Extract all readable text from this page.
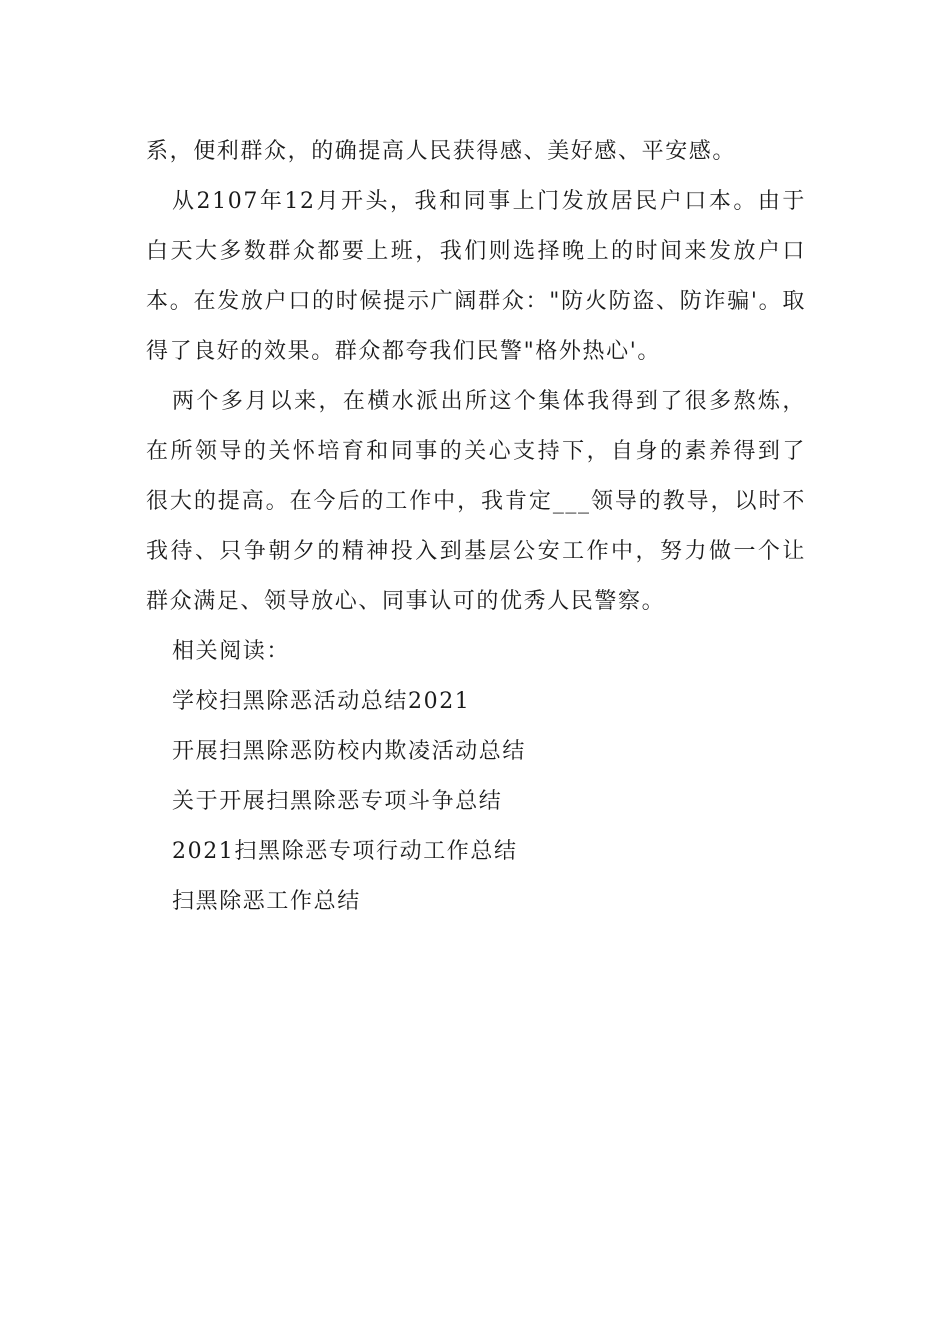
系，便利群众，的确提高人民获得感、美好感、平安感。

从2107年12月开头，我和同事上门发放居民户口本。由于白天大多数群众都要上班，我们则选择晚上的时间来发放户口本。在发放户口的时候提示广阔群众："防火防盗、防诈骗'。取得了良好的效果。群众都夸我们民警"格外热心'。

两个多月以来，在横水派出所这个集体我得到了很多熬炼，在所领导的关怀培育和同事的关心支持下，自身的素养得到了很大的提高。在今后的工作中，我肯定___领导的教导，以时不我待、只争朝夕的精神投入到基层公安工作中，努力做一个让群众满足、领导放心、同事认可的优秀人民警察。

相关阅读：

学校扫黑除恶活动总结2021
开展扫黑除恶防校内欺凌活动总结
关于开展扫黑除恶专项斗争总结
2021扫黑除恶专项行动工作总结
扫黑除恶工作总结
